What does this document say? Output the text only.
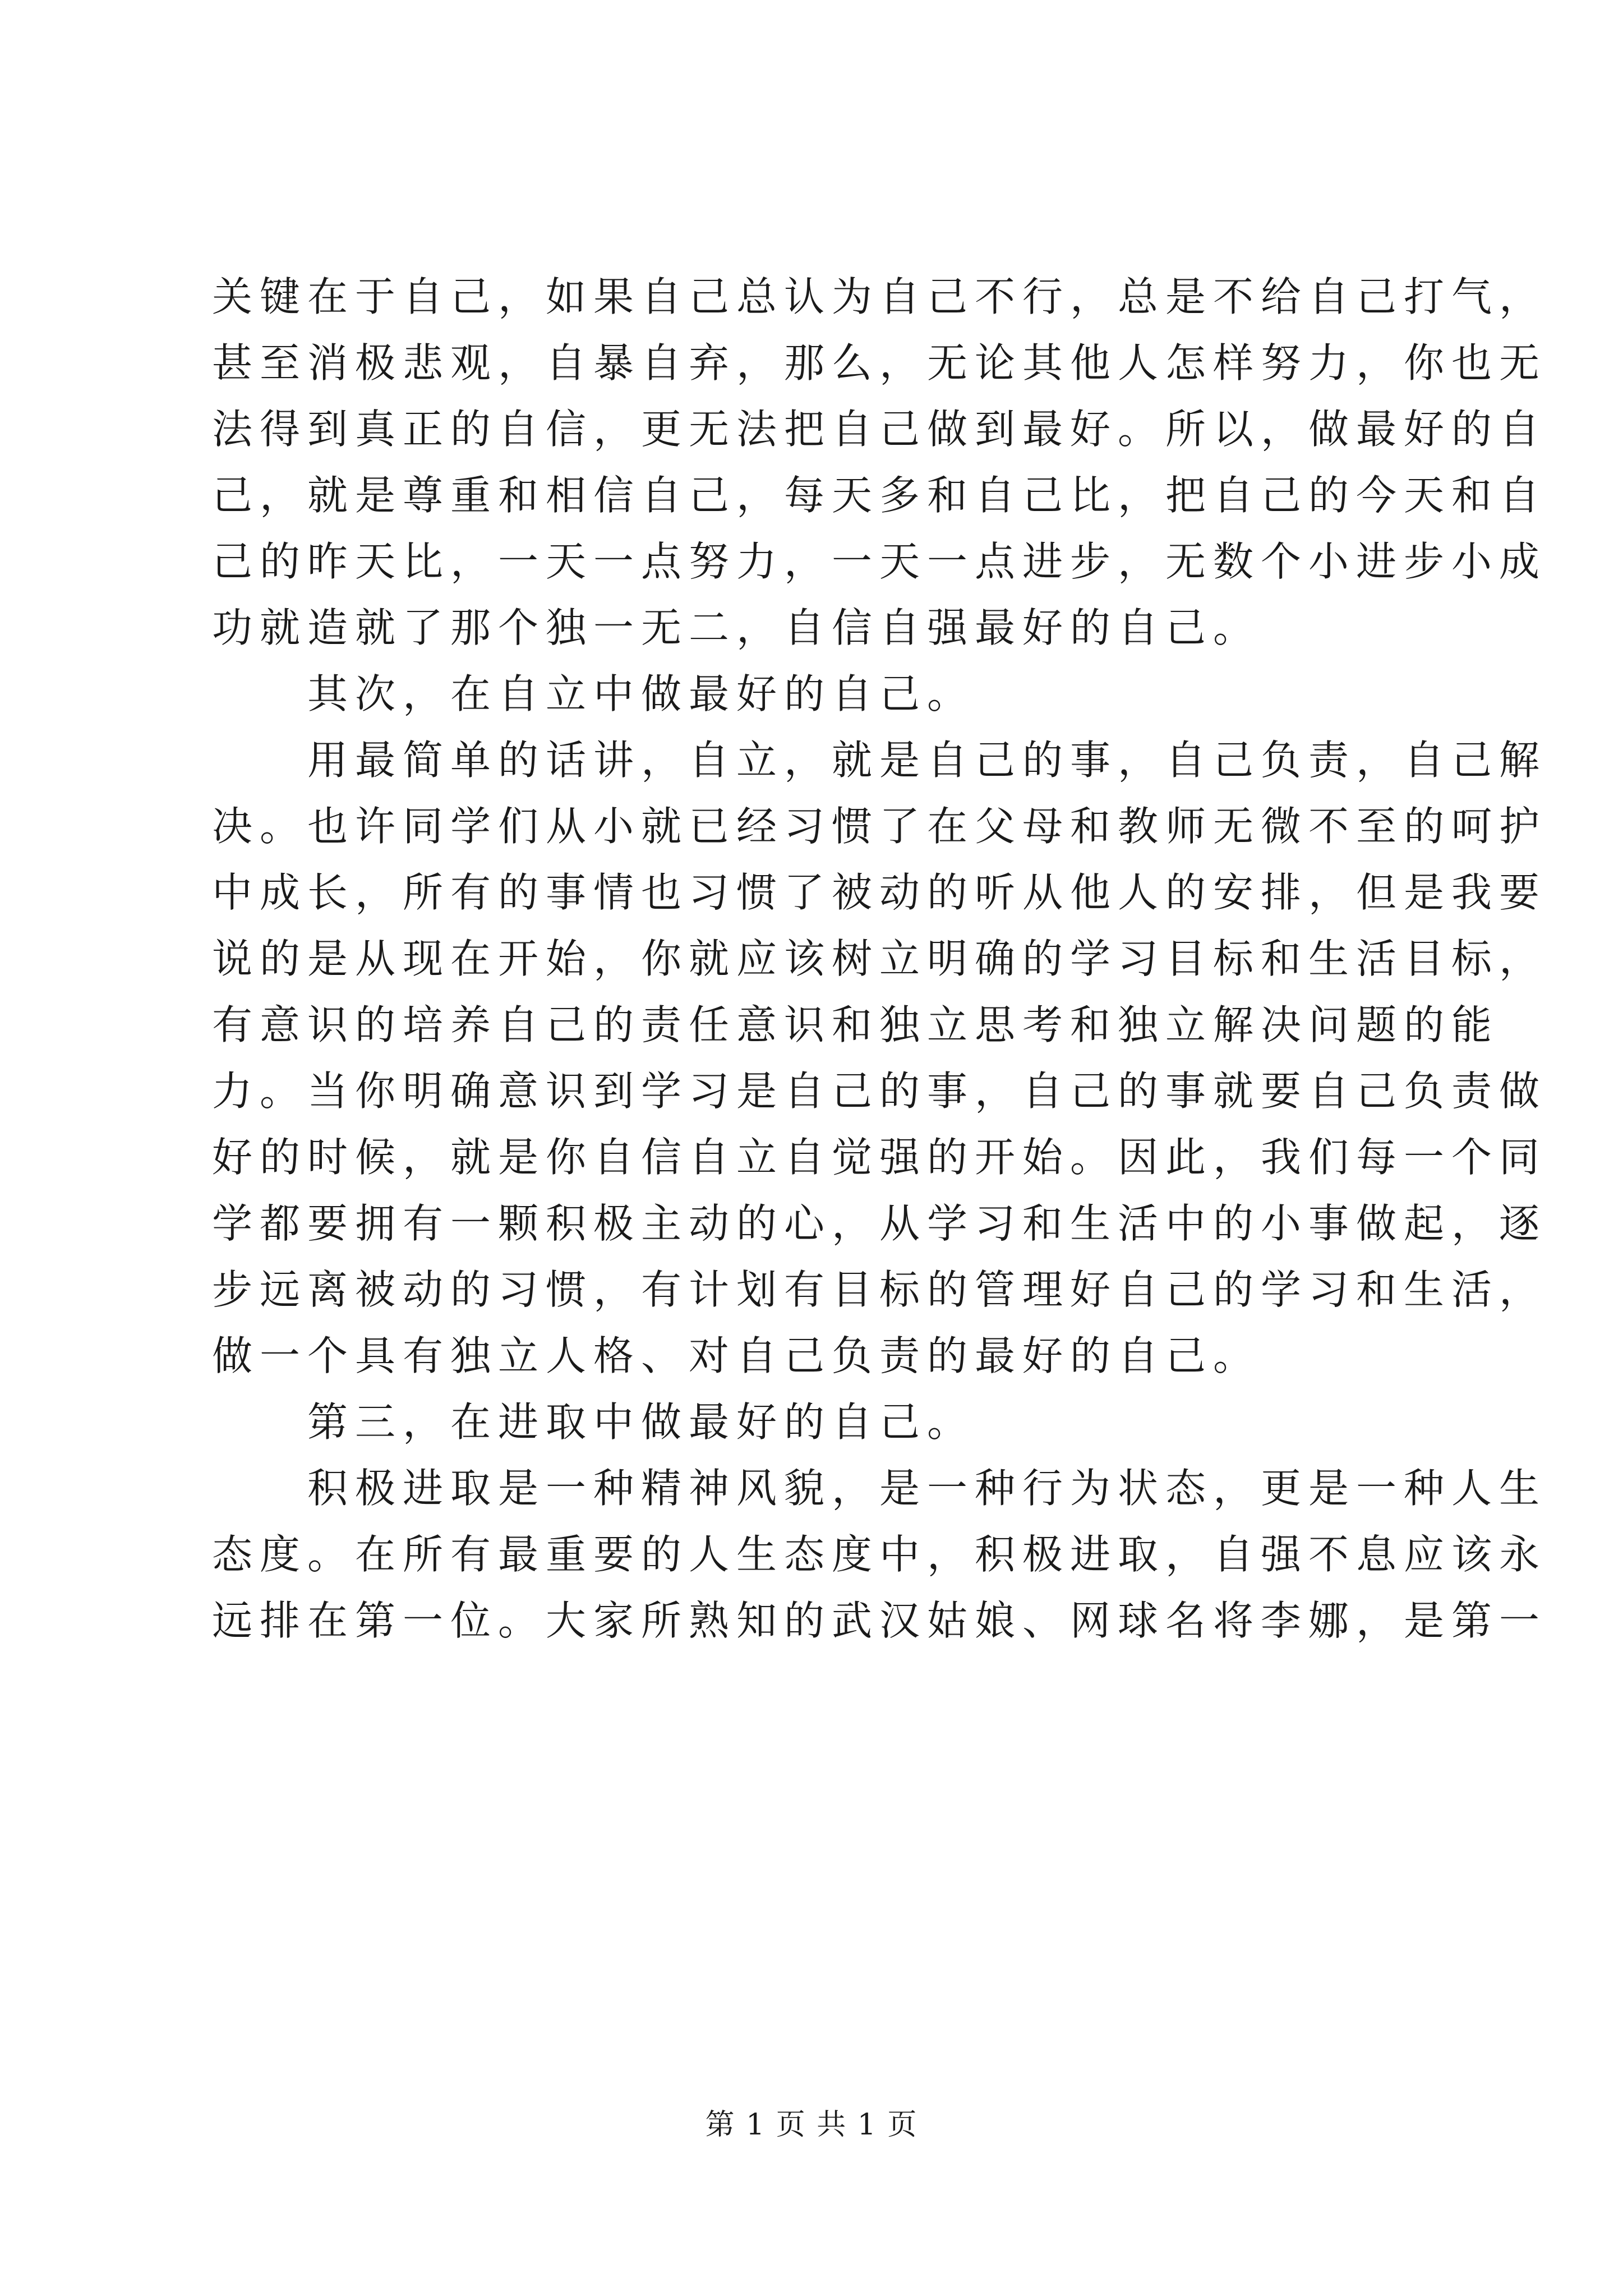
关键在于自己，如果自己总认为自己不行，总是不给自己打气，
甚至消极悲观，自暴自弃，那么，无论其他人怎样努力，你也无
法得到真正的自信，更无法把自己做到最好。所以，做最好的自
己，就是尊重和相信自己，每天多和自己比，把自己的今天和自
己的昨天比，一天一点努力，一天一点进步，无数个小进步小成
功就造就了那个独一无二，自信自强最好的自己。
其次，在自立中做最好的自己。
用最简单的话讲，自立，就是自己的事，自己负责，自己解
决。也许同学们从小就已经习惯了在父母和教师无微不至的呵护
中成长，所有的事情也习惯了被动的听从他人的安排，但是我要
说的是从现在开始，你就应该树立明确的学习目标和生活目标，
有意识的培养自己的责任意识和独立思考和独立解决问题的能
力。当你明确意识到学习是自己的事，自己的事就要自己负责做
好的时候，就是你自信自立自觉强的开始。因此，我们每一个同
学都要拥有一颗积极主动的心，从学习和生活中的小事做起，逐
步远离被动的习惯，有计划有目标的管理好自己的学习和生活，
做一个具有独立人格、对自己负责的最好的自己。
第三，在进取中做最好的自己。
积极进取是一种精神风貌，是一种行为状态，更是一种人生
态度。在所有最重要的人生态度中，积极进取，自强不息应该永
远排在第一位。大家所熟知的武汉姑娘、网球名将李娜，是第一
第 1 页 共 1 页
